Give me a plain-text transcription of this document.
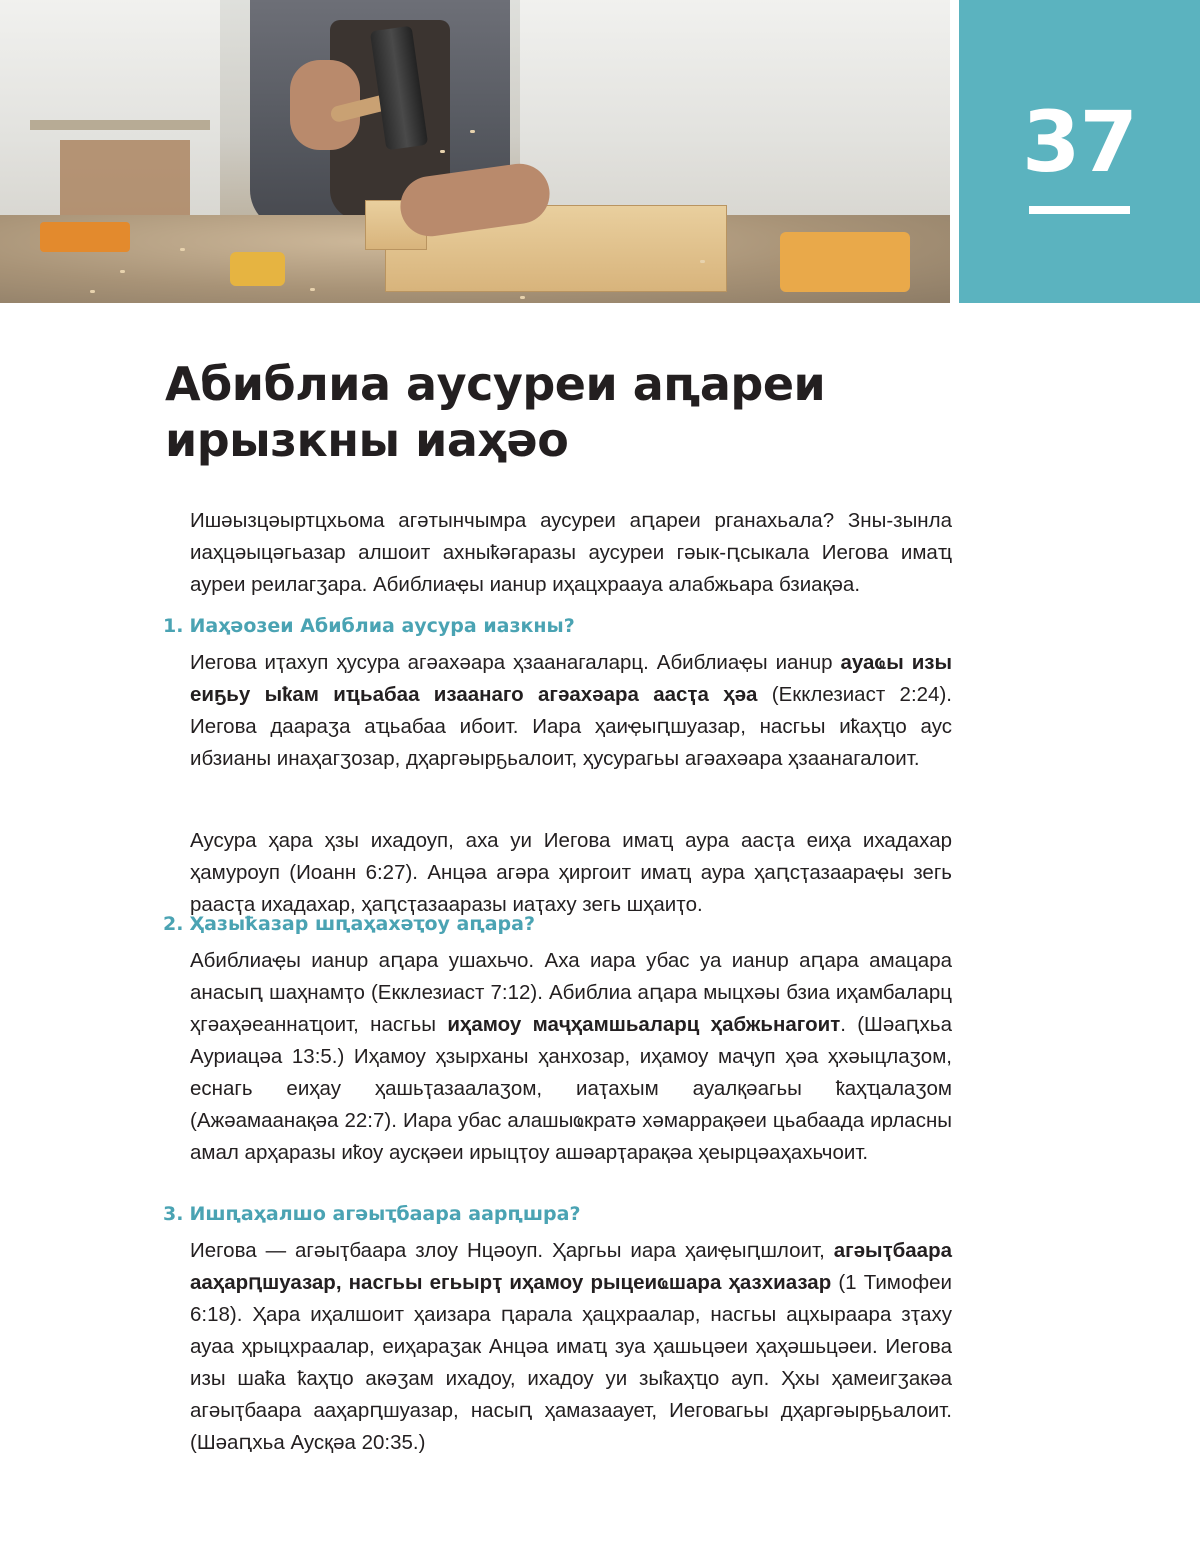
37
Абиблиа аусуреи аԥареи
ирызкны иаҳәо

Ишәызцәыртцхьома агәтынчымра аусуреи аԥареи рганахьала? Зны-зынла иаҳцәыцәгьазар алшоит ахныҟәгаразы аусуреи гәык-ԥсыкала Иегова имаҵ ауреи реилагӡара. Абиблиаҿы ианup иҳацхраауа алабжьара бзиақәа.

1. Иаҳәозеи Абиблиа аусура иазкны?

Иегова иҭахуп ҳусура агәахәара ҳзаанагаларц. Абиблиаҿы ианup ауаҩы изы еиҕьу ыҟам иҵьабаа изаанаго агәахәара аасҭа ҳәа (Екклезиаст 2:24). Иегова даараӡа аҵьабаа ибоит. Иара ҳаиҿыԥшуазар, насгьы иҟаҳҵо аус ибзианы инаҳагӡозар, дҳаргәырҕьалоит, ҳусурагьы агәахәара ҳзаанагалоит.

Аусура ҳара ҳзы ихадоуп, аха уи Иегова имаҵ аура аасҭа еиҳа ихадахар ҳамуроуп (Иоанн 6:27). Анцәа агәра ҳиргоит имаҵ аура ҳаԥсҭазаараҿы зегь раасҭа ихадахар, ҳаԥсҭазааразы иаҭаху зегь шҳаиҭо.

2. Ҳазыҟазар шԥаҳахәҭоу аԥара?

Абиблиаҿы ианup аԥара ушахьчо. Аха иара убас уа ианup аԥара амацара анасыԥ шаҳнамҭо (Екклезиаст 7:12). Абиблиа аԥара мыцхәы бзиа иҳамбаларц ҳгәаҳәеаннаҵоит, насгьы иҳамоу маҷҳамшьаларц ҳабжьнагоит. (Шәаԥхьа Ауриацәа 13:5.) Иҳамоу ҳзырханы ҳанхозар, иҳамоу маҷуп ҳәа ҳхәыцлаӡом, еснагь еиҳау ҳашьҭазаалаӡом, иаҭахым ауалқәагьы ҟаҳҵалаӡом (Ажәамаанақәа 22:7). Иара убас алашыҩкратә хәмаррақәеи цьабаада ирласны амал арҳаразы иҟоу аусқәеи ирыцҭоу ашәарҭарақәа ҳеырцәаҳахьчоит.

3. Ишԥаҳалшо агәыҭбаара аарԥшра?

Иегова — агәыҭбаара злоу Нцәоуп. Ҳаргьы иара ҳаиҿыԥшлоит, агәыҭбаара ааҳарԥшуазар, насгьы егьырҭ иҳамоу рыцеиҩшара ҳазхиазар (1 Тимофеи 6:18). Ҳара иҳалшоит ҳаизара ԥарала ҳацхраалар, насгьы ацхыраара зҭаху ауаа ҳрыцхраалар, еиҳараӡак Анцәа имаҵ зуа ҳашьцәеи ҳаҳәшьцәеи. Иегова изы шаҟа ҟаҳҵо акәӡам ихадоу, ихадоу уи зыҟаҳҵо ауп. Ҳхы ҳамеигӡакәа агәыҭбаара ааҳарԥшуазар, насыԥ ҳамазааует, Иеговагьы дҳаргәырҕьалоит. (Шәаԥхьа Аусқәа 20:35.)
